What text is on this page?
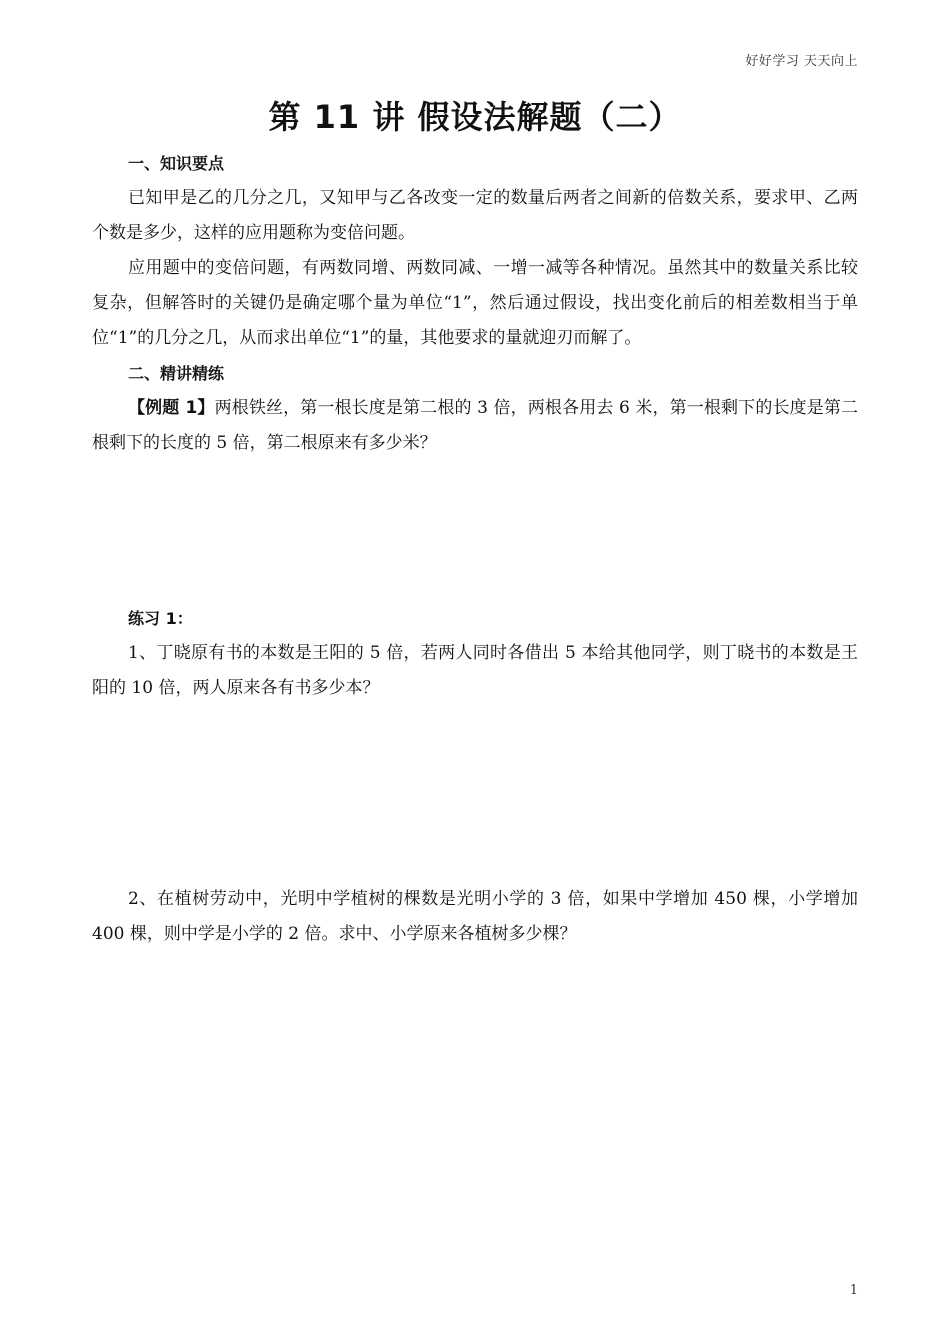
好好学习 天天向上
第 11 讲 假设法解题（二）

一、知识要点

已知甲是乙的几分之几，又知甲与乙各改变一定的数量后两者之间新的倍数关系，要求甲、乙两个数是多少，这样的应用题称为变倍问题。

应用题中的变倍问题，有两数同增、两数同减、一增一减等各种情况。虽然其中的数量关系比较复杂，但解答时的关键仍是确定哪个量为单位“1”，然后通过假设，找出变化前后的相差数相当于单位“1”的几分之几，从而求出单位“1”的量，其他要求的量就迎刃而解了。

二、精讲精练

【例题 1】两根铁丝，第一根长度是第二根的 3 倍，两根各用去 6 米，第一根剩下的长度是第二根剩下的长度的 5 倍，第二根原来有多少米？

练习 1：

1、丁晓原有书的本数是王阳的 5 倍，若两人同时各借出 5 本给其他同学，则丁晓书的本数是王阳的 10 倍，两人原来各有书多少本？

2、在植树劳动中，光明中学植树的棵数是光明小学的 3 倍，如果中学增加 450 棵，小学增加 400 棵，则中学是小学的 2 倍。求中、小学原来各植树多少棵？

1
